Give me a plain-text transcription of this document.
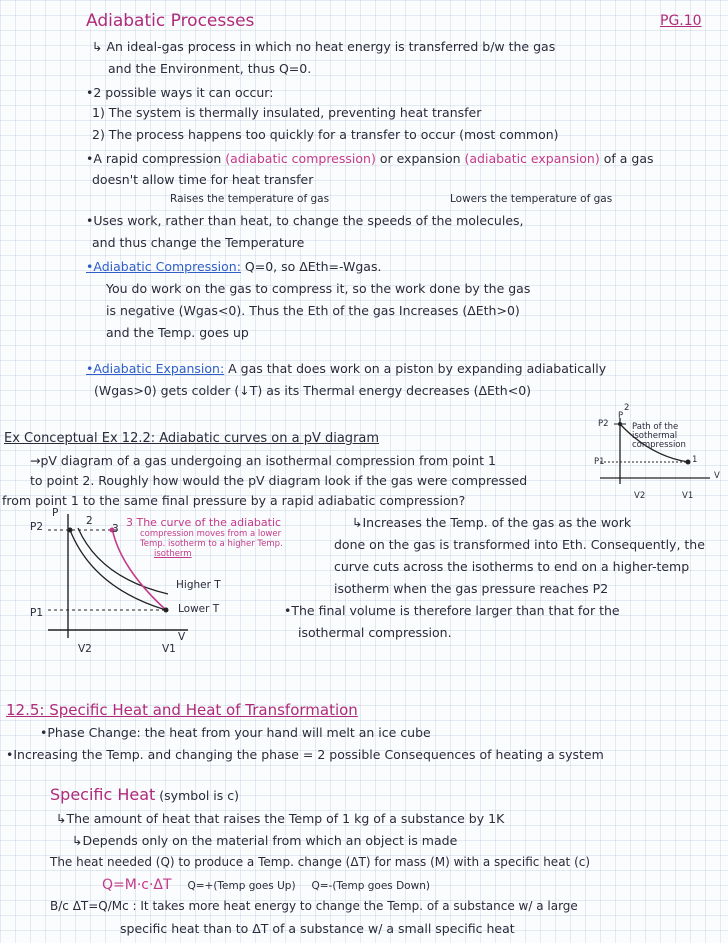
Adiabatic Processes	PG.10
↳ An ideal-gas process in which no heat energy is transferred b/w the gas
and the Environment, thus Q=0.
•2 possible ways it can occur:
1) The system is thermally insulated, preventing heat transfer
2) The process happens too quickly for a transfer to occur (most common)
•A rapid compression (adiabatic compression) or expansion (adiabatic expansion) of a gas
doesn't allow time for heat transfer
Raises the temperature of gas	Lowers the temperature of gas
•Uses work, rather than heat, to change the speeds of the molecules,
and thus change the Temperature
•Adiabatic Compression: Q=0, so ΔEth=-Wgas.
You do work on the gas to compress it, so the work done by the gas
is negative (Wgas<0). Thus the Eth of the gas Increases (ΔEth>0)
and the Temp. goes up
•Adiabatic Expansion: A gas that does work on a piston by expanding adiabatically
(Wgas>0) gets colder (↓T) as its Thermal energy decreases (ΔEth<0)
Ex Conceptual Ex 12.2: Adiabatic curves on a pV diagram
→pV diagram of a gas undergoing an isothermal compression from point 1
to point 2. Roughly how would the pV diagram look if the gas were compressed
from point 1 to the same final pressure by a rapid adiabatic compression?
P
P2
P1
Path of the
isothermal
compression
1
2
V
V2	V1
P
P2
P1
2
3
V
V2	V1
3 The curve of the adiabatic
compression moves from a lower
Temp. isotherm to a higher Temp.
isotherm
Higher T
Lower T
↳Increases the Temp. of the gas as the work
done on the gas is transformed into Eth. Consequently, the
curve cuts across the isotherms to end on a higher-temp
isotherm when the gas pressure reaches P2
•The final volume is therefore larger than that for the
isothermal compression.
12.5: Specific Heat and Heat of Transformation
•Phase Change: the heat from your hand will melt an ice cube
•Increasing the Temp. and changing the phase = 2 possible Consequences of heating a system
Specific Heat (symbol is c)
↳The amount of heat that raises the Temp of 1 kg of a substance by 1K
↳Depends only on the material from which an object is made
The heat needed (Q) to produce a Temp. change (ΔT) for mass (M) with a specific heat (c)
Q=M·c·ΔT Q=+(Temp goes Up) Q=-(Temp goes Down)
B/c ΔT=Q/Mc : It takes more heat energy to change the Temp. of a substance w/ a large
specific heat than to ΔT of a substance w/ a small specific heat
